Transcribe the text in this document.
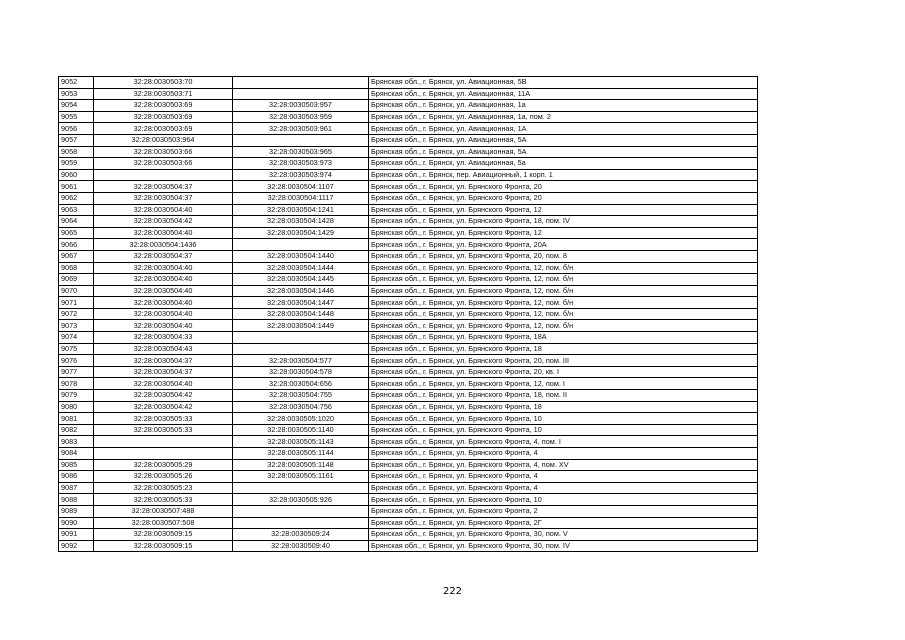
9052	32:28:0030503:70		Брянская обл., г. Брянск, ул. Авиационная, 5В
9053	32:28:0030503:71		Брянская обл., г. Брянск, ул. Авиационная, 11А
9054	32:28:0030503:69	32:28:0030503:957	Брянская обл., г. Брянск, ул. Авиационная, 1а
9055	32:28:0030503:69	32:28:0030503:959	Брянская обл., г. Брянск, ул. Авиационная, 1а, пом. 2
9056	32:28:0030503:69	32:28:0030503:961	Брянская обл., г. Брянск, ул. Авиационная, 1А
9057	32:28:0030503:964		Брянская обл., г. Брянск, ул. Авиационная, 5А
9058	32:28:0030503:66	32:28:0030503:965	Брянская обл., г. Брянск, ул. Авиационная, 5А
9059	32:28:0030503:66	32:28:0030503:973	Брянская обл., г. Брянск, ул. Авиационная, 5а
9060		32:28:0030503:974	Брянская обл., г. Брянск, пер. Авиационный, 1 корп. 1
9061	32:28:0030504:37	32:28:0030504:1107	Брянская обл., г. Брянск, ул. Брянского Фронта, 20
9062	32:28:0030504:37	32:28:0030504:1117	Брянская обл., г. Брянск, ул. Брянского Фронта, 20
9063	32:28:0030504:40	32:28:0030504:1241	Брянская обл., г. Брянск, ул. Брянского Фронта, 12
9064	32:28:0030504:42	32:28:0030504:1428	Брянская обл., г. Брянск, ул. Брянского Фронта, 18, пом. IV
9065	32:28:0030504:40	32:28:0030504:1429	Брянская обл., г. Брянск, ул. Брянского Фронта, 12
9066	32:28:0030504:1436		Брянская обл., г. Брянск, ул. Брянского Фронта, 20А
9067	32:28:0030504:37	32:28:0030504:1440	Брянская обл., г. Брянск, ул. Брянского Фронта, 20, пом. 8
9068	32:28:0030504:40	32:28:0030504:1444	Брянская обл., г. Брянск, ул. Брянского Фронта, 12, пом. б/н
9069	32:28:0030504:40	32:28:0030504:1445	Брянская обл., г. Брянск, ул. Брянского Фронта, 12, пом. б/н
9070	32:28:0030504:40	32:28:0030504:1446	Брянская обл., г. Брянск, ул. Брянского Фронта, 12, пом. б/н
9071	32:28:0030504:40	32:28:0030504:1447	Брянская обл., г. Брянск, ул. Брянского Фронта, 12, пом. б/н
9072	32:28:0030504:40	32:28:0030504:1448	Брянская обл., г. Брянск, ул. Брянского Фронта, 12, пом. б/н
9073	32:28:0030504:40	32:28:0030504:1449	Брянская обл., г. Брянск, ул. Брянского Фронта, 12, пом. б/н
9074	32:28:0030504:33		Брянская обл., г. Брянск, ул. Брянского Фронта, 18А
9075	32:28:0030504:43		Брянская обл., г. Брянск, ул. Брянского Фронта, 18
9076	32:28:0030504:37	32:28:0030504:577	Брянская обл., г. Брянск, ул. Брянского Фронта, 20, пом. III
9077	32:28:0030504:37	32:28:0030504:578	Брянская обл., г. Брянск, ул. Брянского Фронта, 20, кв. I
9078	32:28:0030504:40	32:28:0030504:656	Брянская обл., г. Брянск, ул. Брянского Фронта, 12, пом. I
9079	32:28:0030504:42	32:28:0030504:755	Брянская обл., г. Брянск, ул. Брянского Фронта, 18, пом. II
9080	32:28:0030504:42	32:28:0030504:756	Брянская обл., г. Брянск, ул. Брянского Фронта, 18
9081	32:28:0030505:33	32:28:0030505:1020	Брянская обл., г. Брянск, ул. Брянского Фронта, 10
9082	32:28:0030505:33	32:28:0030505:1140	Брянская обл., г. Брянск, ул. Брянского Фронта, 10
9083		32:28:0030505:1143	Брянская обл., г. Брянск, ул. Брянского Фронта, 4, пом. I
9084		32:28:0030505:1144	Брянская обл., г. Брянск, ул. Брянского Фронта, 4
9085	32:28:0030505:29	32:28:0030505:1148	Брянская обл., г. Брянск, ул. Брянского Фронта, 4, пом. XV
9086	32:28:0030505:26	32:28:0030505:1161	Брянская обл., г. Брянск, ул. Брянского Фронта, 4
9087	32:28:0030505:23		Брянская обл., г. Брянск, ул. Брянского Фронта, 4
9088	32:28:0030505:33	32:28:0030505:926	Брянская обл., г. Брянск, ул. Брянского Фронта, 10
9089	32:28:0030507:488		Брянская обл., г. Брянск, ул. Брянского Фронта, 2
9090	32:28:0030507:508		Брянская обл., г. Брянск, ул. Брянского Фронта, 2Г
9091	32:28:0030509:15	32:28:0030509:24	Брянская обл., г. Брянск, ул. Брянского Фронта, 30, пом. V
9092	32:28:0030509:15	32:28:0030509:40	Брянская обл., г. Брянск, ул. Брянского Фронта, 30, пом. IV
222
